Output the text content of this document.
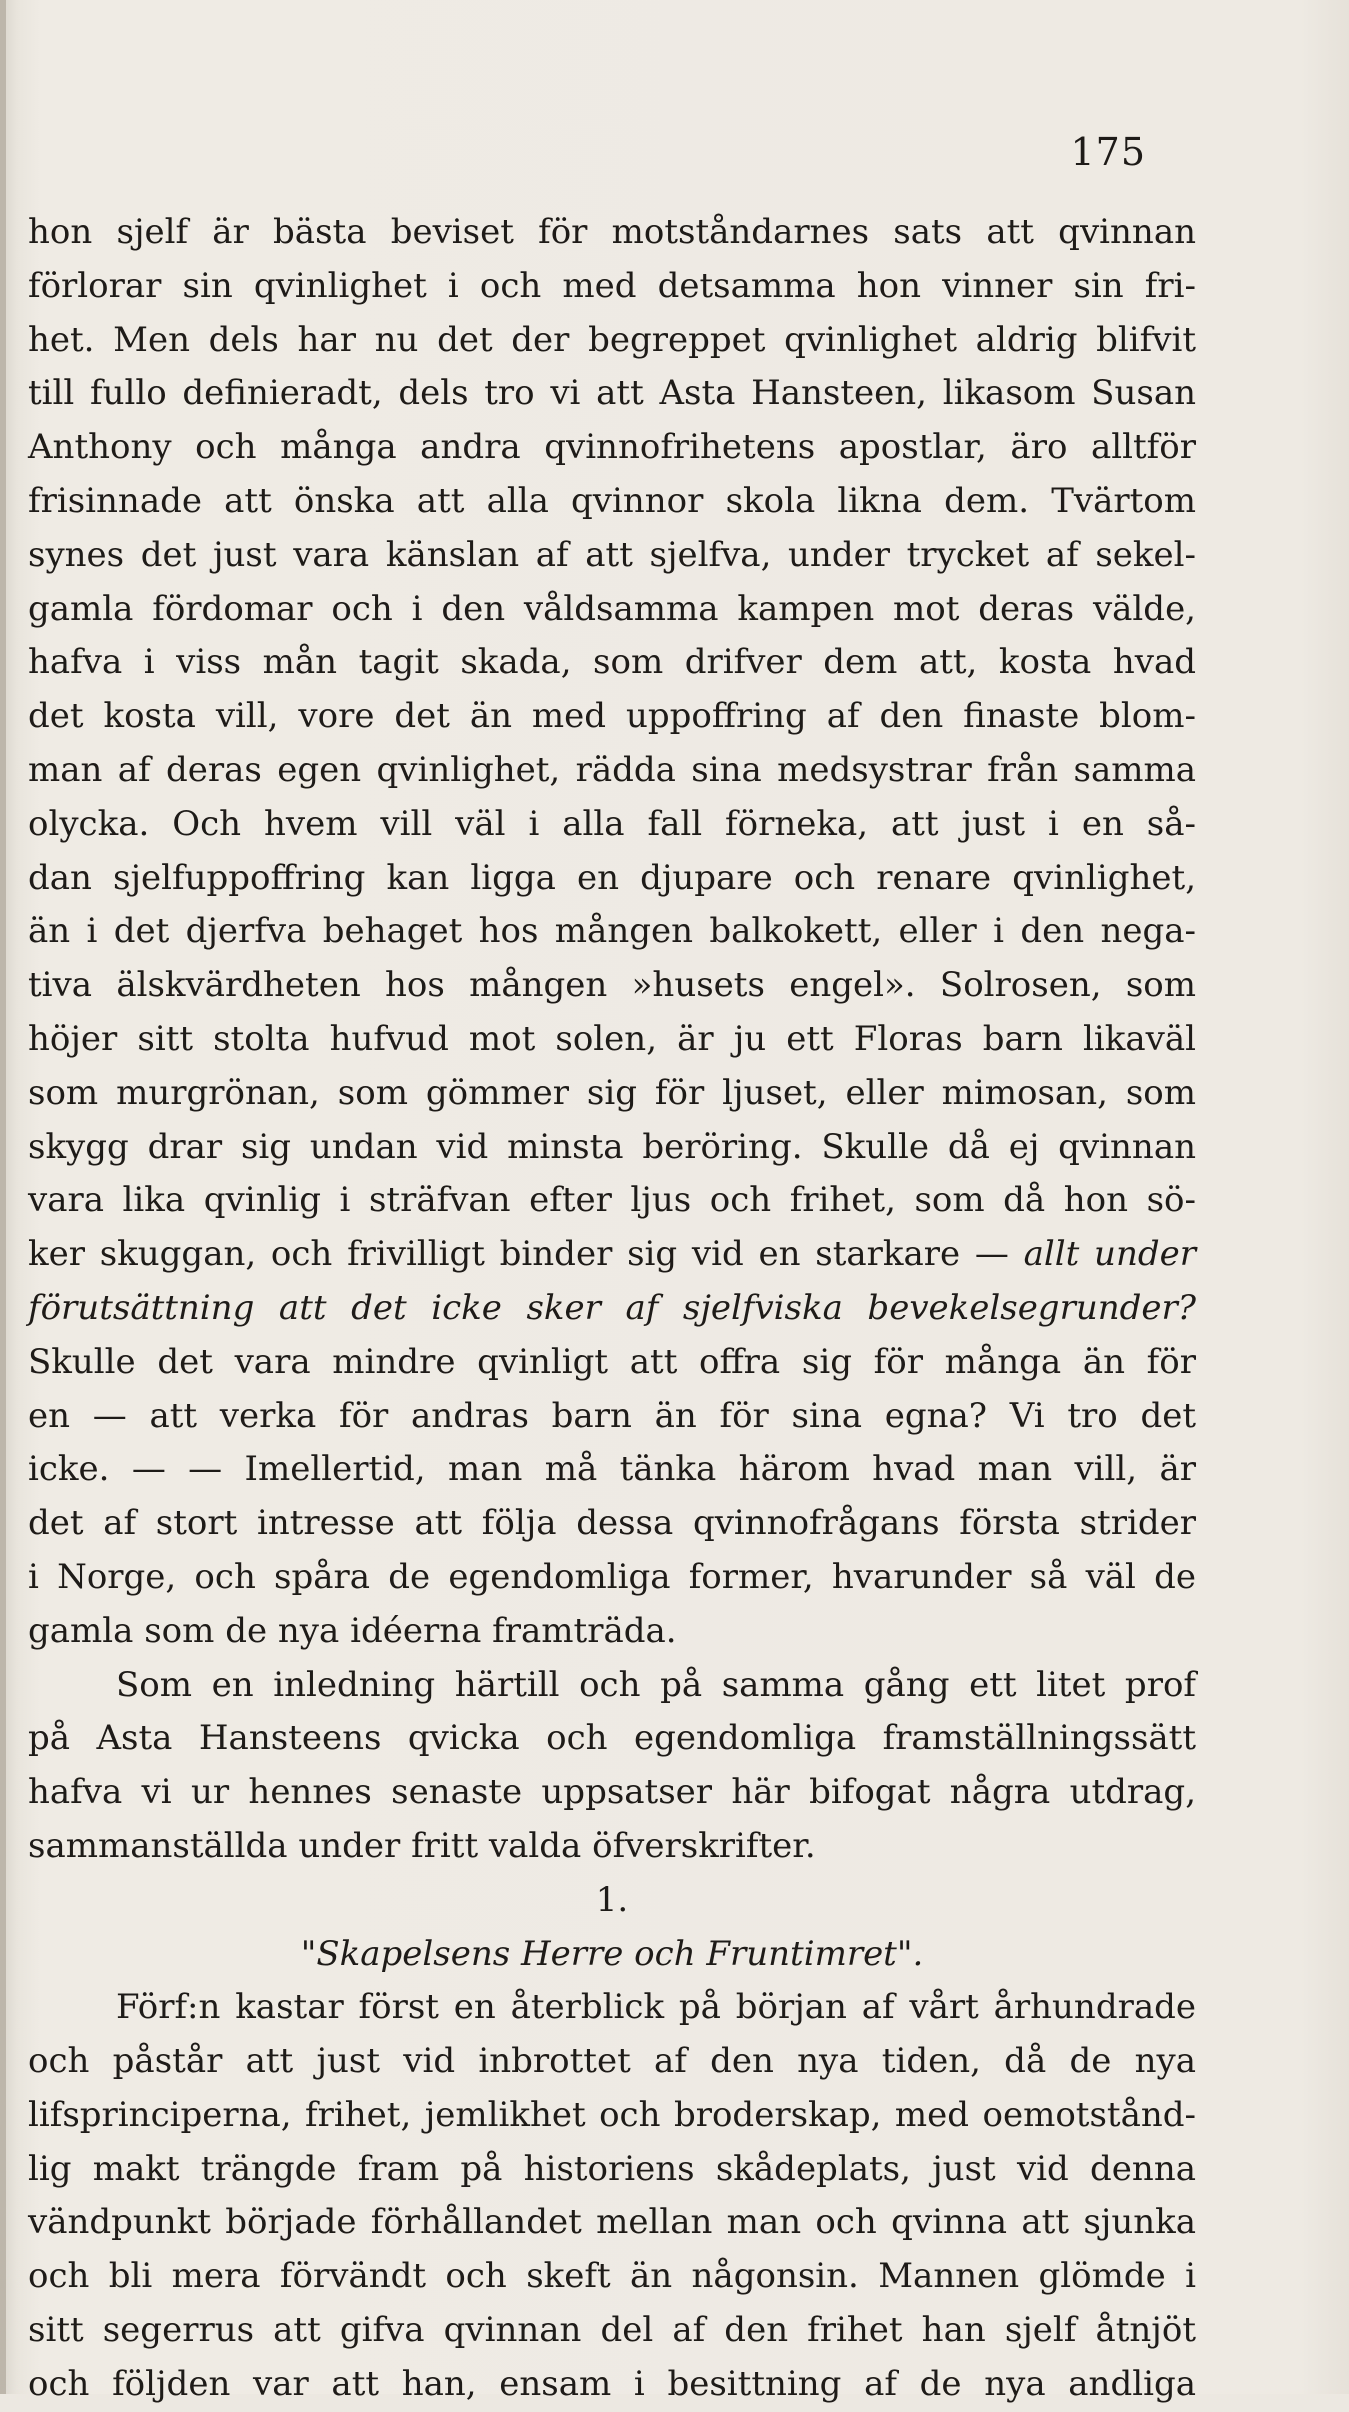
175
hon sjelf är bästa beviset för motståndarnes sats att qvinnan
förlorar sin qvinlighet i och med detsamma hon vinner sin fri-
het. Men dels har nu det der begreppet qvinlighet aldrig blifvit
till fullo definieradt, dels tro vi att Asta Hansteen, likasom Susan
Anthony och många andra qvinnofrihetens apostlar, äro alltför
frisinnade att önska att alla qvinnor skola likna dem. Tvärtom
synes det just vara känslan af att sjelfva, under trycket af sekel-
gamla fördomar och i den våldsamma kampen mot deras välde,
hafva i viss mån tagit skada, som drifver dem att, kosta hvad
det kosta vill, vore det än med uppoffring af den finaste blom-
man af deras egen qvinlighet, rädda sina medsystrar från samma
olycka. Och hvem vill väl i alla fall förneka, att just i en så-
dan sjelfuppoffring kan ligga en djupare och renare qvinlighet,
än i det djerfva behaget hos mången balkokett, eller i den nega-
tiva älskvärdheten hos mången »husets engel». Solrosen, som
höjer sitt stolta hufvud mot solen, är ju ett Floras barn likaväl
som murgrönan, som gömmer sig för ljuset, eller mimosan, som
skygg drar sig undan vid minsta beröring. Skulle då ej qvinnan
vara lika qvinlig i sträfvan efter ljus och frihet, som då hon sö-
ker skuggan, och frivilligt binder sig vid en starkare — allt under
förutsättning att det icke sker af sjelfviska bevekelsegrunder?
Skulle det vara mindre qvinligt att offra sig för många än för
en — att verka för andras barn än för sina egna? Vi tro det
icke. — — Imellertid, man må tänka härom hvad man vill, är
det af stort intresse att följa dessa qvinnofrågans första strider
i Norge, och spåra de egendomliga former, hvarunder så väl de
gamla som de nya idéerna framträda.
Som en inledning härtill och på samma gång ett litet prof
på Asta Hansteens qvicka och egendomliga framställningssätt
hafva vi ur hennes senaste uppsatser här bifogat några utdrag,
sammanställda under fritt valda öfverskrifter.
1.
"Skapelsens Herre och Fruntimret".
Förf:n kastar först en återblick på början af vårt århundrade
och påstår att just vid inbrottet af den nya tiden, då de nya
lifsprinciperna, frihet, jemlikhet och broderskap, med oemotstånd-
lig makt trängde fram på historiens skådeplats, just vid denna
vändpunkt började förhållandet mellan man och qvinna att sjunka
och bli mera förvändt och skeft än någonsin. Mannen glömde i
sitt segerrus att gifva qvinnan del af den frihet han sjelf åtnjöt
och följden var att han, ensam i besittning af de nya andliga
